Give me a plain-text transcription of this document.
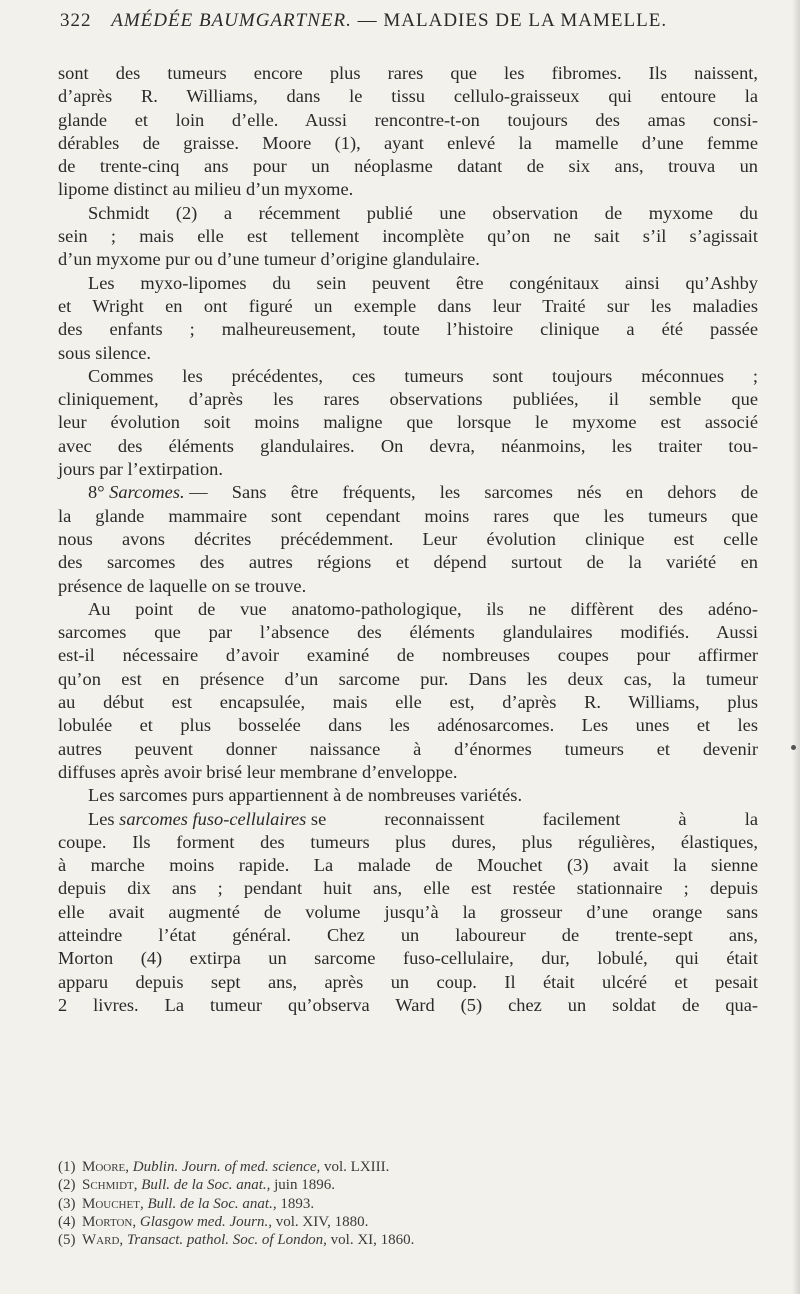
322 AMÉDÉE BAUMGARTNER. — MALADIES DE LA MAMELLE.
sont des tumeurs encore plus rares que les fibromes. Ils naissent,
d’après R. Williams, dans le tissu cellulo-graisseux qui entoure la
glande et loin d’elle. Aussi rencontre-t-on toujours des amas consi-
dérables de graisse. Moore (1), ayant enlevé la mamelle d’une femme
de trente-cinq ans pour un néoplasme datant de six ans, trouva un
lipome distinct au milieu d’un myxome.
Schmidt (2) a récemment publié une observation de myxome du
sein ; mais elle est tellement incomplète qu’on ne sait s’il s’agissait
d’un myxome pur ou d’une tumeur d’origine glandulaire.
Les myxo-lipomes du sein peuvent être congénitaux ainsi qu’Ashby
et Wright en ont figuré un exemple dans leur Traité sur les maladies
des enfants ; malheureusement, toute l’histoire clinique a été passée
sous silence.
Commes les précédentes, ces tumeurs sont toujours méconnues ;
cliniquement, d’après les rares observations publiées, il semble que
leur évolution soit moins maligne que lorsque le myxome est associé
avec des éléments glandulaires. On devra, néanmoins, les traiter tou-
jours par l’extirpation.
8°
Sarcomes.
— Sans être fréquents, les sarcomes nés en dehors de
la glande mammaire sont cependant moins rares que les tumeurs que
nous avons décrites précédemment. Leur évolution clinique est celle
des sarcomes des autres régions et dépend surtout de la variété en
présence de laquelle on se trouve.
Au point de vue anatomo-pathologique, ils ne diffèrent des adéno-
sarcomes que par l’absence des éléments glandulaires modifiés. Aussi
est-il nécessaire d’avoir examiné de nombreuses coupes pour affirmer
qu’on est en présence d’un sarcome pur. Dans les deux cas, la tumeur
au début est encapsulée, mais elle est, d’après R. Williams, plus
lobulée et plus bosselée dans les adénosarcomes. Les unes et les
autres peuvent donner naissance à d’énormes tumeurs et devenir
diffuses après avoir brisé leur membrane d’enveloppe.
Les sarcomes purs appartiennent à de nombreuses variétés.
Les
sarcomes fuso-cellulaires
se reconnaissent facilement à la
coupe. Ils forment des tumeurs plus dures, plus régulières, élastiques,
à marche moins rapide. La malade de Mouchet (3) avait la sienne
depuis dix ans ; pendant huit ans, elle est restée stationnaire ; depuis
elle avait augmenté de volume jusqu’à la grosseur d’une orange sans
atteindre l’état général. Chez un laboureur de trente-sept ans,
Morton (4) extirpa un sarcome fuso-cellulaire, dur, lobulé, qui était
apparu depuis sept ans, après un coup. Il était ulcéré et pesait
2 livres. La tumeur qu’observa Ward (5) chez un soldat de qua-
(1) Moore, Dublin. Journ. of med. science, vol. LXIII.
(2) Schmidt, Bull. de la Soc. anat., juin 1896.
(3) Mouchet, Bull. de la Soc. anat., 1893.
(4) Morton, Glasgow med. Journ., vol. XIV, 1880.
(5) Ward, Transact. pathol. Soc. of London, vol. XI, 1860.
